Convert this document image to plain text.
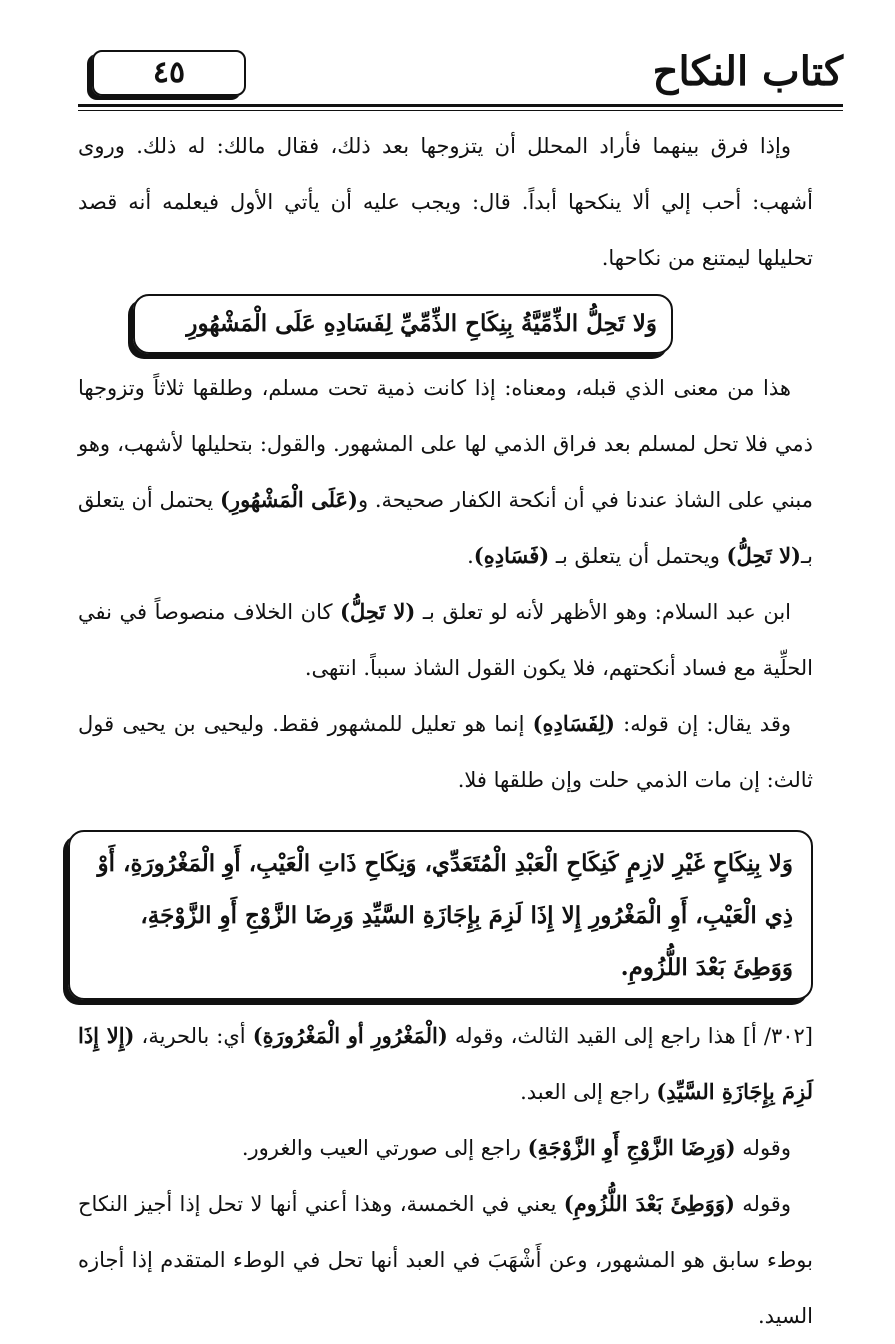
كتاب النكاح
٤٥

وإذا فرق بينهما فأراد المحلل أن يتزوجها بعد ذلك، فقال مالك: له ذلك. وروى أشهب: أحب إلي ألا ينكحها أبداً. قال: ويجب عليه أن يأتي الأول فيعلمه أنه قصد تحليلها ليمتنع من نكاحها.

وَلا تَحِلُّ الذِّمِّيَّةُ بِنِكَاحِ الذِّمِّيِّ لِفَسَادِهِ عَلَى الْمَشْهُورِ

هذا من معنى الذي قبله، ومعناه: إذا كانت ذمية تحت مسلم، وطلقها ثلاثاً وتزوجها ذمي فلا تحل لمسلم بعد فراق الذمي لها على المشهور. والقول: بتحليلها لأشهب، وهو مبني على الشاذ عندنا في أن أنكحة الكفار صحيحة. و(عَلَى الْمَشْهُورِ) يحتمل أن يتعلق بـ(لا تَحِلُّ) ويحتمل أن يتعلق بـ (فَسَادِهِ).

ابن عبد السلام: وهو الأظهر لأنه لو تعلق بـ (لا تَحِلُّ) كان الخلاف منصوصاً في نفي الحلِّية مع فساد أنكحتهم، فلا يكون القول الشاذ سبباً. انتهى.

وقد يقال: إن قوله: (لِفَسَادِهِ) إنما هو تعليل للمشهور فقط. وليحيى بن يحيى قول ثالث: إن مات الذمي حلت وإن طلقها فلا.

وَلا بِنِكَاحٍ غَيْرِ لازِمٍ كَنِكَاحِ الْعَبْدِ الْمُتَعَدِّي، وَنِكَاحِ ذَاتِ الْعَيْبِ، أَوِ الْمَغْرُورَةِ، أَوْ ذِي الْعَيْبِ، أَوِ الْمَغْرُورِ إِلا إِذَا لَزِمَ بِإِجَازَةِ السَّيِّدِ وَرِضَا الزَّوْجِ أَوِ الزَّوْجَةِ، وَوَطِئَ بَعْدَ اللُّزُومِ.

[٣٠٢/ أ] هذا راجع إلى القيد الثالث، وقوله (الْمَغْرُورِ أو الْمَغْرُورَةِ) أي: بالحرية، (إِلا إِذَا لَزِمَ بِإِجَازَةِ السَّيِّدِ) راجع إلى العبد.

وقوله (وَرِضَا الزَّوْجِ أَوِ الزَّوْجَةِ) راجع إلى صورتي العيب والغرور.

وقوله (وَوَطِئَ بَعْدَ اللُّزُومِ) يعني في الخمسة، وهذا أعني أنها لا تحل إذا أجيز النكاح بوطء سابق هو المشهور، وعن أَشْهَبَ في العبد أنها تحل في الوطء المتقدم إذا أجازه السيد.
